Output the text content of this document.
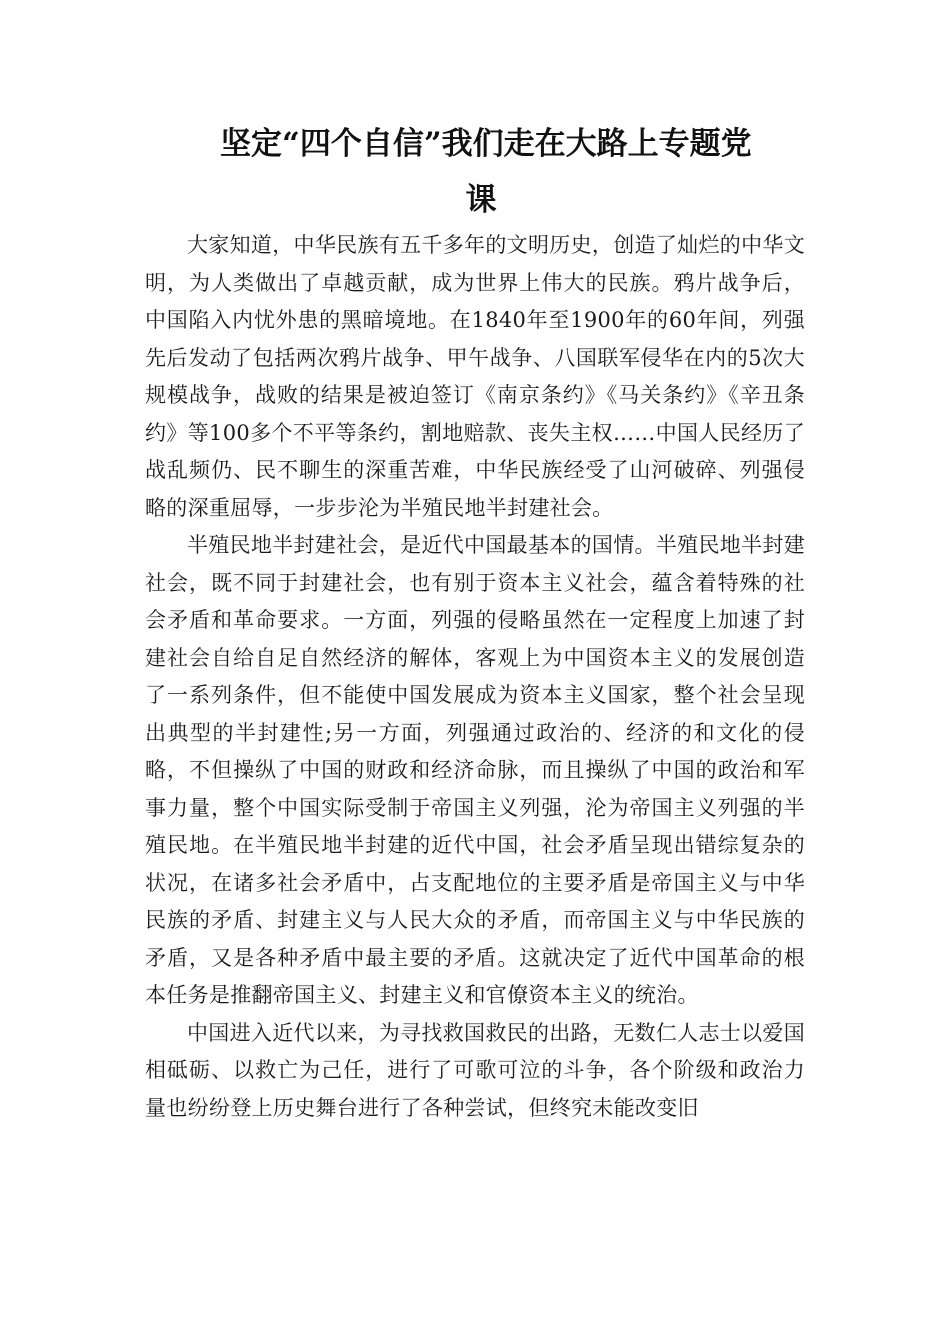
坚定“四个自信”我们走在大路上专题党
课

大家知道，中华民族有五千多年的文明历史，创造了灿烂的中华文明，为人类做出了卓越贡献，成为世界上伟大的民族。鸦片战争后，中国陷入内忧外患的黑暗境地。在1840年至1900年的60年间，列强先后发动了包括两次鸦片战争、甲午战争、八国联军侵华在内的5次大规模战争，战败的结果是被迫签订《南京条约》《马关条约》《辛丑条约》等100多个不平等条约，割地赔款、丧失主权……中国人民经历了战乱频仍、民不聊生的深重苦难，中华民族经受了山河破碎、列强侵略的深重屈辱，一步步沦为半殖民地半封建社会。

半殖民地半封建社会，是近代中国最基本的国情。半殖民地半封建社会，既不同于封建社会，也有别于资本主义社会，蕴含着特殊的社会矛盾和革命要求。一方面，列强的侵略虽然在一定程度上加速了封建社会自给自足自然经济的解体，客观上为中国资本主义的发展创造了一系列条件，但不能使中国发展成为资本主义国家，整个社会呈现出典型的半封建性;另一方面，列强通过政治的、经济的和文化的侵略，不但操纵了中国的财政和经济命脉，而且操纵了中国的政治和军事力量，整个中国实际受制于帝国主义列强，沦为帝国主义列强的半殖民地。在半殖民地半封建的近代中国，社会矛盾呈现出错综复杂的状况，在诸多社会矛盾中，占支配地位的主要矛盾是帝国主义与中华民族的矛盾、封建主义与人民大众的矛盾，而帝国主义与中华民族的矛盾，又是各种矛盾中最主要的矛盾。这就决定了近代中国革命的根本任务是推翻帝国主义、封建主义和官僚资本主义的统治。

中国进入近代以来，为寻找救国救民的出路，无数仁人志士以爱国相砥砺、以救亡为己任，进行了可歌可泣的斗争，各个阶级和政治力量也纷纷登上历史舞台进行了各种尝试，但终究未能改变旧
